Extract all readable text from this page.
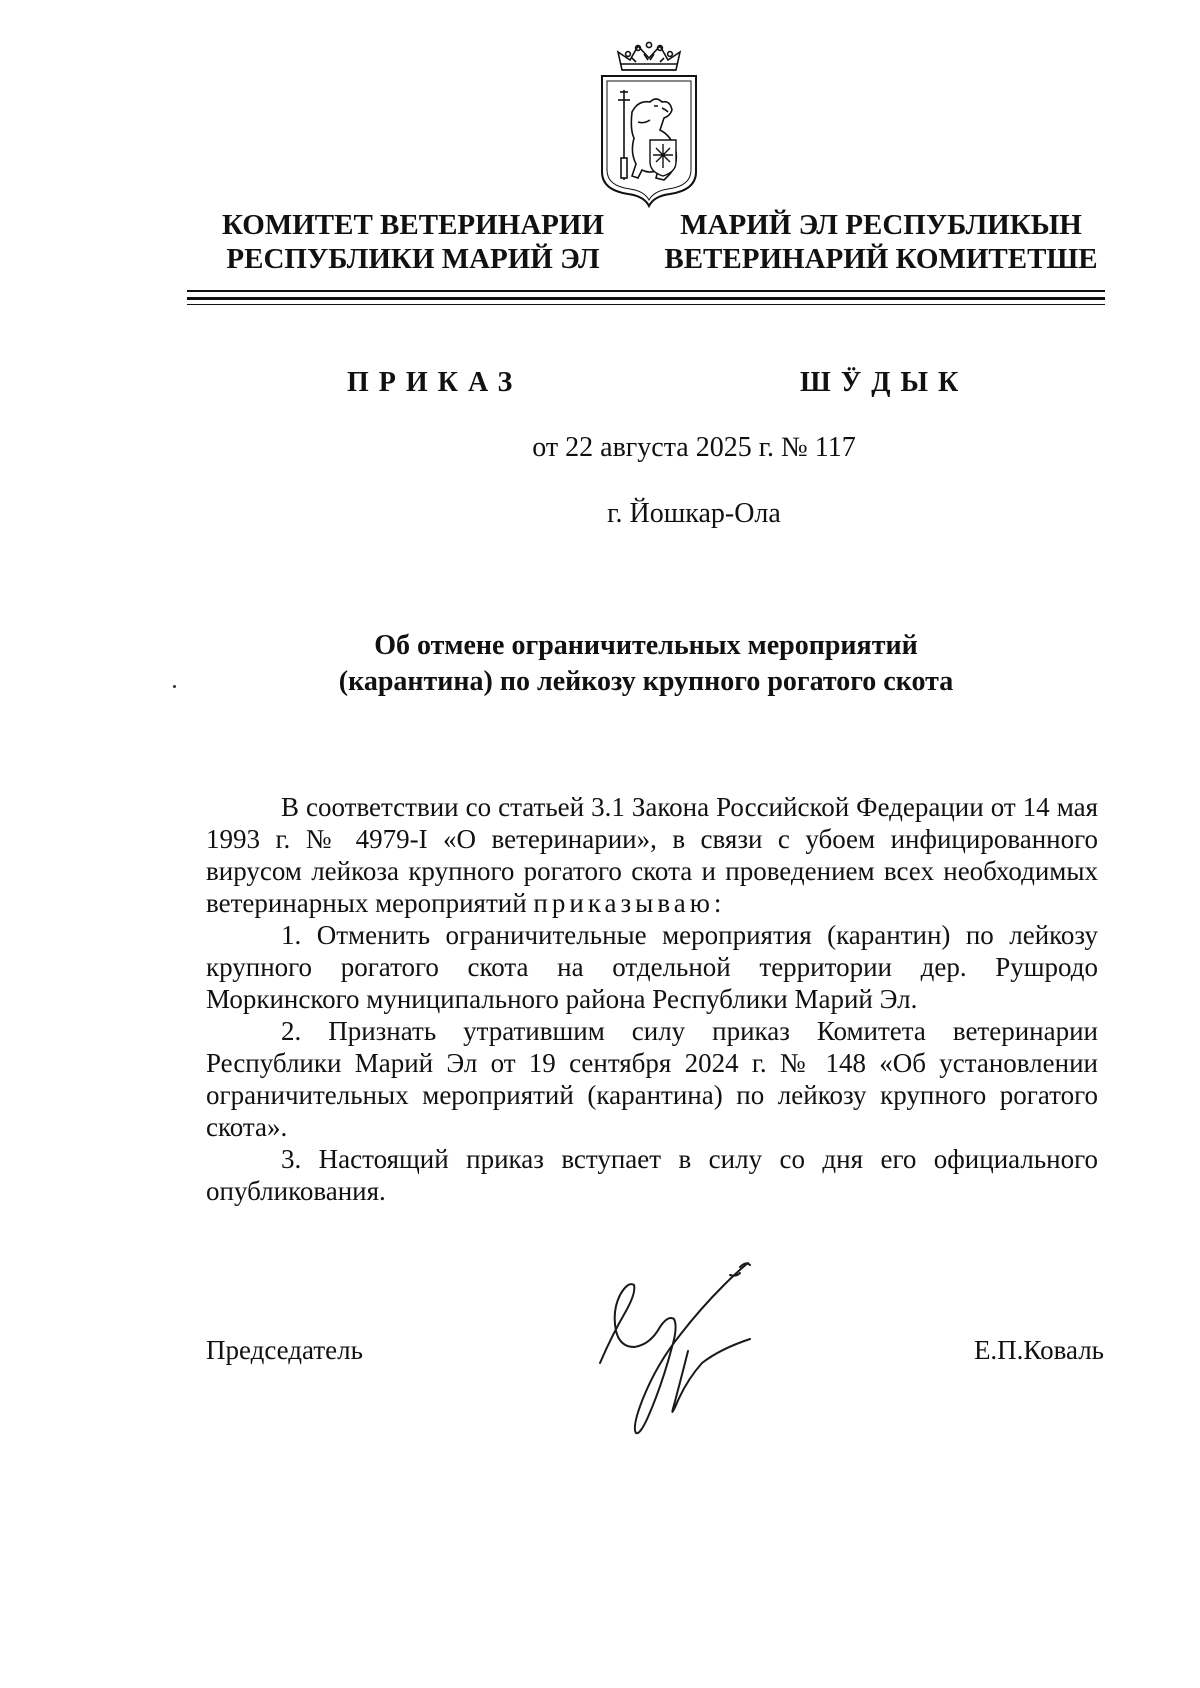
КОМИТЕТ ВЕТЕРИНАРИИ
РЕСПУБЛИКИ МАРИЙ ЭЛ
МАРИЙ ЭЛ РЕСПУБЛИКЫН
ВЕТЕРИНАРИЙ КОМИТЕТШЕ
ПРИКАЗ	ШӰДЫК
от 22 августа 2025 г. № 117
г. Йошкар-Ола
Об отмене ограничительных мероприятий
(карантина) по лейкозу крупного рогатого скота

В соответствии со статьей 3.1 Закона Российской Федерации от 14 мая 1993 г. № 4979-I «О ветеринарии», в связи с убоем инфицированного вирусом лейкоза крупного рогатого скота и проведением всех необходимых ветеринарных мероприятий приказываю:

1. Отменить ограничительные мероприятия (карантин) по лейкозу крупного рогатого скота на отдельной территории дер. Рушродо Моркинского муниципального района Республики Марий Эл.

2. Признать утратившим силу приказ Комитета ветеринарии Республики Марий Эл от 19 сентября 2024 г. № 148 «Об установлении ограничительных мероприятий (карантина) по лейкозу крупного рогатого скота».

3. Настоящий приказ вступает в силу со дня его официального опубликования.

Председатель	Е.П.Коваль
